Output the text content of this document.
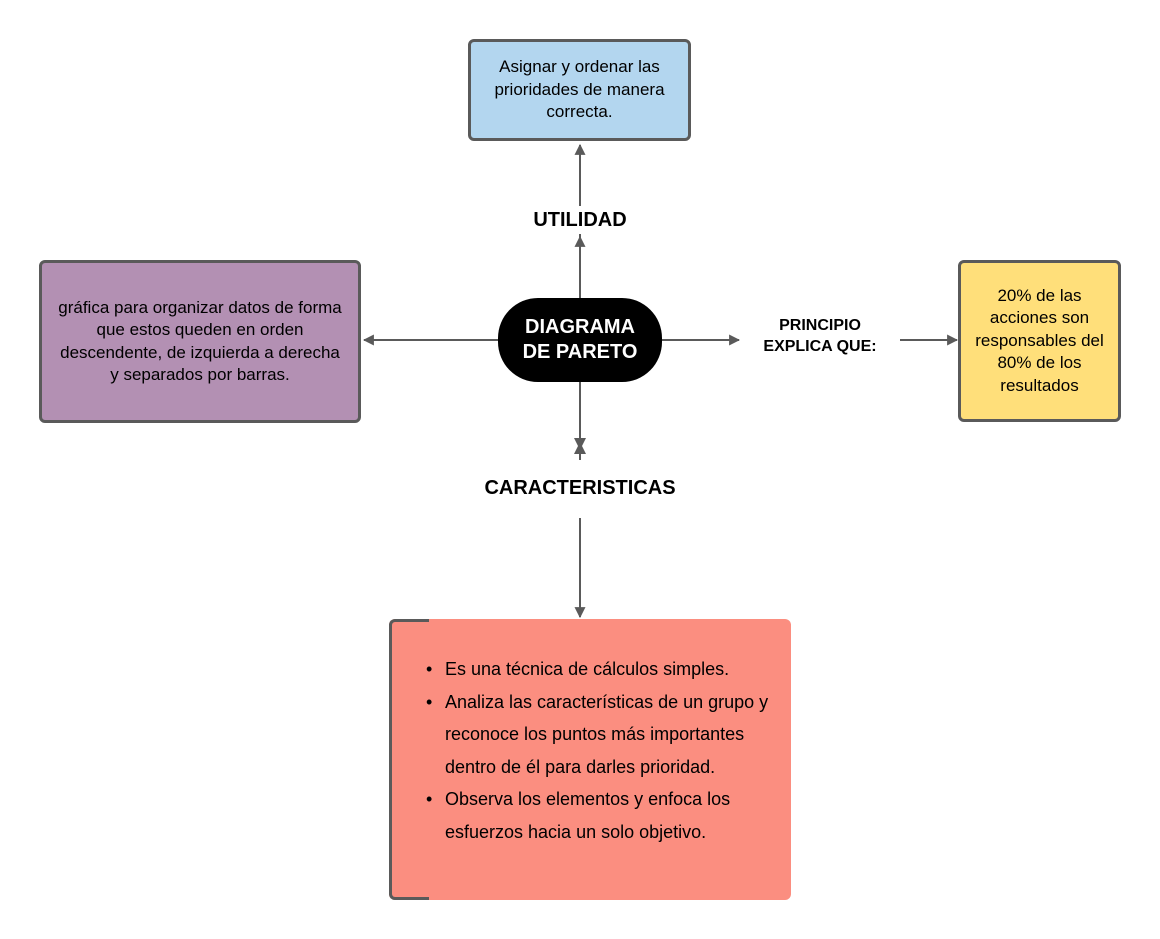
Asignar y ordenar las prioridades de manera correcta.
UTILIDAD
gráfica para organizar datos de forma que estos queden en orden descendente, de izquierda a derecha y separados por barras.
DIAGRAMA
DE PARETO
PRINCIPIO
EXPLICA QUE:
20% de las acciones son responsables del 80% de los resultados
CARACTERISTICAS
• Es una técnica de cálculos simples.
• Analiza las características de un grupo y reconoce los puntos más importantes dentro de él para darles prioridad.
• Observa los elementos y enfoca los esfuerzos hacia un solo objetivo.
